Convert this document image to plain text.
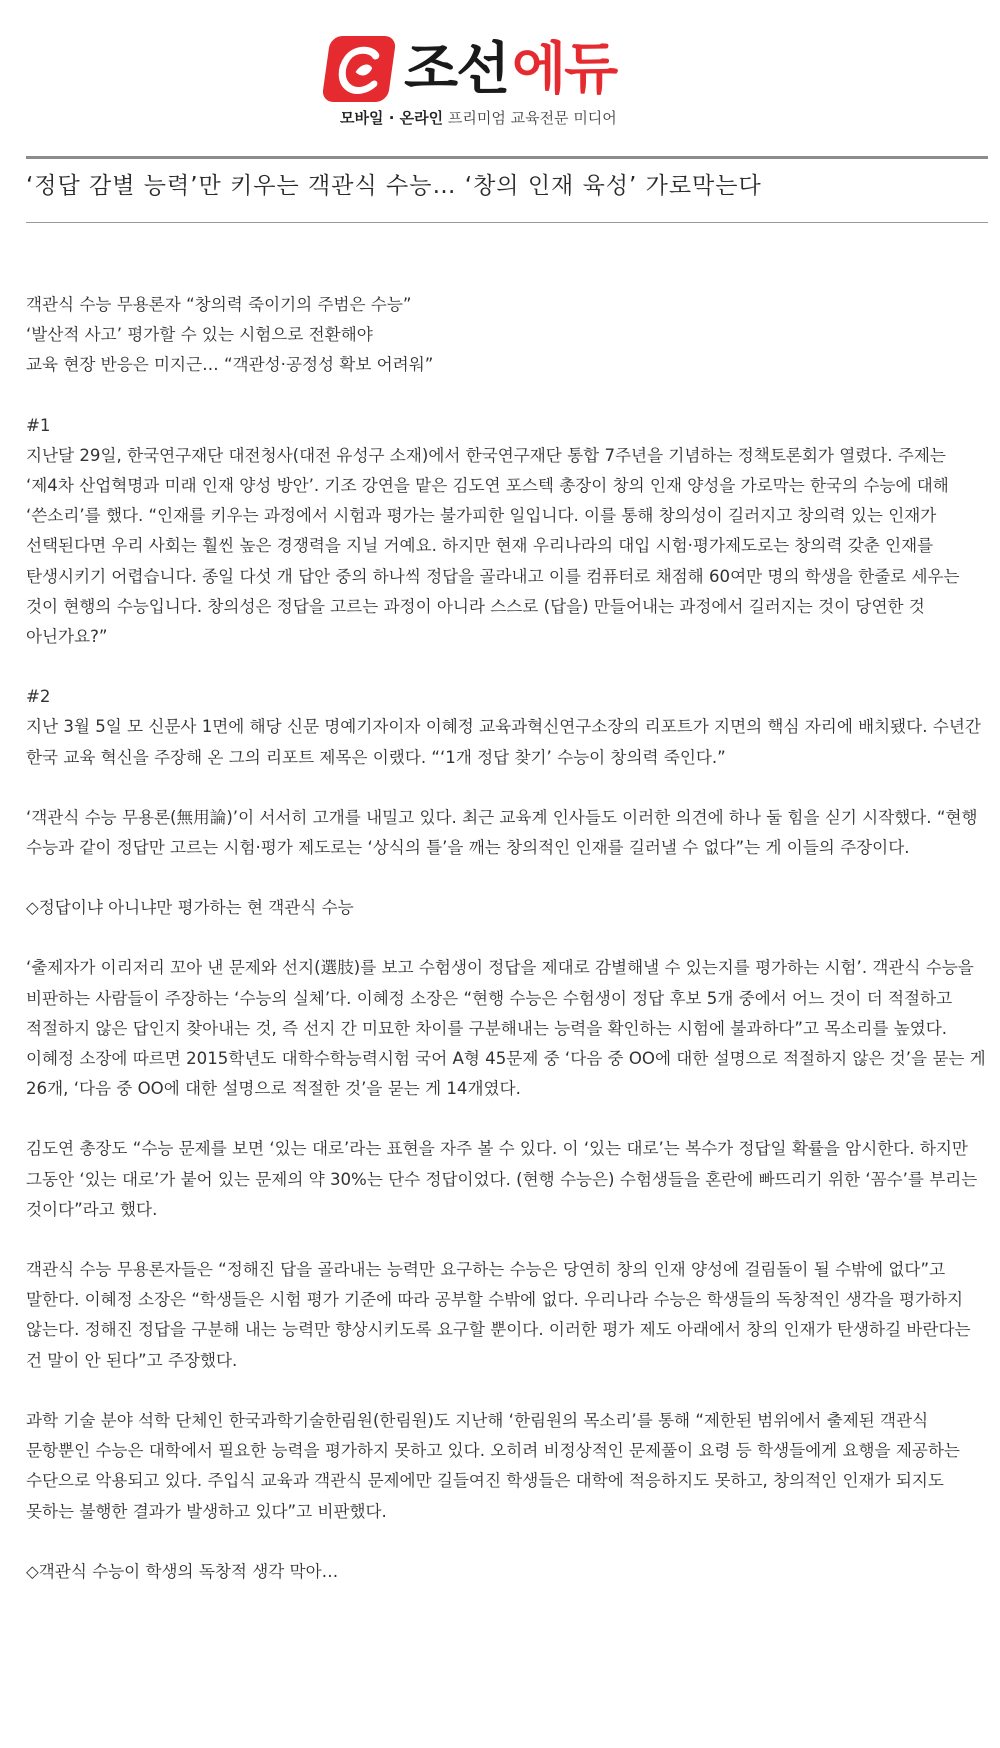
조선 에듀
모바일 · 온라인 프리미엄 교육전문 미디어
‘정답 감별 능력’만 키우는 객관식 수능… ‘창의 인재 육성’ 가로막는다

객관식 수능 무용론자 “창의력 죽이기의 주범은 수능”
‘발산적 사고’ 평가할 수 있는 시험으로 전환해야
교육 현장 반응은 미지근… “객관성·공정성 확보 어려워”

#1
지난달 29일, 한국연구재단 대전청사(대전 유성구 소재)에서 한국연구재단 통합 7주년을 기념하는 정책토론회가 열렸다. 주제는 ‘제4차 산업혁명과 미래 인재 양성 방안’. 기조 강연을 맡은 김도연 포스텍 총장이 창의 인재 양성을 가로막는 한국의 수능에 대해 ‘쓴소리’를 했다. “인재를 키우는 과정에서 시험과 평가는 불가피한 일입니다. 이를 통해 창의성이 길러지고 창의력 있는 인재가 선택된다면 우리 사회는 훨씬 높은 경쟁력을 지닐 거예요. 하지만 현재 우리나라의 대입 시험·평가제도로는 창의력 갖춘 인재를 탄생시키기 어렵습니다. 종일 다섯 개 답안 중의 하나씩 정답을 골라내고 이를 컴퓨터로 채점해 60여만 명의 학생을 한줄로 세우는 것이 현행의 수능입니다. 창의성은 정답을 고르는 과정이 아니라 스스로 (답을) 만들어내는 과정에서 길러지는 것이 당연한 것 아닌가요?”

#2
지난 3월 5일 모 신문사 1면에 해당 신문 명예기자이자 이혜정 교육과혁신연구소장의 리포트가 지면의 핵심 자리에 배치됐다. 수년간 한국 교육 혁신을 주장해 온 그의 리포트 제목은 이랬다. “‘1개 정답 찾기’ 수능이 창의력 죽인다.”

‘객관식 수능 무용론(無用論)’이 서서히 고개를 내밀고 있다. 최근 교육계 인사들도 이러한 의견에 하나 둘 힘을 싣기 시작했다. “현행 수능과 같이 정답만 고르는 시험·평가 제도로는 ‘상식의 틀’을 깨는 창의적인 인재를 길러낼 수 없다”는 게 이들의 주장이다.

◇정답이냐 아니냐만 평가하는 현 객관식 수능

‘출제자가 이리저리 꼬아 낸 문제와 선지(選肢)를 보고 수험생이 정답을 제대로 감별해낼 수 있는지를 평가하는 시험’. 객관식 수능을 비판하는 사람들이 주장하는 ‘수능의 실체’다. 이혜정 소장은 “현행 수능은 수험생이 정답 후보 5개 중에서 어느 것이 더 적절하고 적절하지 않은 답인지 찾아내는 것, 즉 선지 간 미묘한 차이를 구분해내는 능력을 확인하는 시험에 불과하다”고 목소리를 높였다. 이혜정 소장에 따르면 2015학년도 대학수학능력시험 국어 A형 45문제 중 ‘다음 중 OO에 대한 설명으로 적절하지 않은 것’을 묻는 게 26개, ‘다음 중 OO에 대한 설명으로 적절한 것’을 묻는 게 14개였다.

김도연 총장도 “수능 문제를 보면 ‘있는 대로’라는 표현을 자주 볼 수 있다. 이 ‘있는 대로’는 복수가 정답일 확률을 암시한다. 하지만 그동안 ‘있는 대로’가 붙어 있는 문제의 약 30%는 단수 정답이었다. (현행 수능은) 수험생들을 혼란에 빠뜨리기 위한 ‘꼼수’를 부리는 것이다”라고 했다.

객관식 수능 무용론자들은 “정해진 답을 골라내는 능력만 요구하는 수능은 당연히 창의 인재 양성에 걸림돌이 될 수밖에 없다”고 말한다. 이혜정 소장은 “학생들은 시험 평가 기준에 따라 공부할 수밖에 없다. 우리나라 수능은 학생들의 독창적인 생각을 평가하지 않는다. 정해진 정답을 구분해 내는 능력만 향상시키도록 요구할 뿐이다. 이러한 평가 제도 아래에서 창의 인재가 탄생하길 바란다는 건 말이 안 된다”고 주장했다.

과학 기술 분야 석학 단체인 한국과학기술한림원(한림원)도 지난해 ‘한림원의 목소리’를 통해 “제한된 범위에서 출제된 객관식 문항뿐인 수능은 대학에서 필요한 능력을 평가하지 못하고 있다. 오히려 비정상적인 문제풀이 요령 등 학생들에게 요행을 제공하는 수단으로 악용되고 있다. 주입식 교육과 객관식 문제에만 길들여진 학생들은 대학에 적응하지도 못하고, 창의적인 인재가 되지도 못하는 불행한 결과가 발생하고 있다”고 비판했다.

◇객관식 수능이 학생의 독창적 생각 막아…
